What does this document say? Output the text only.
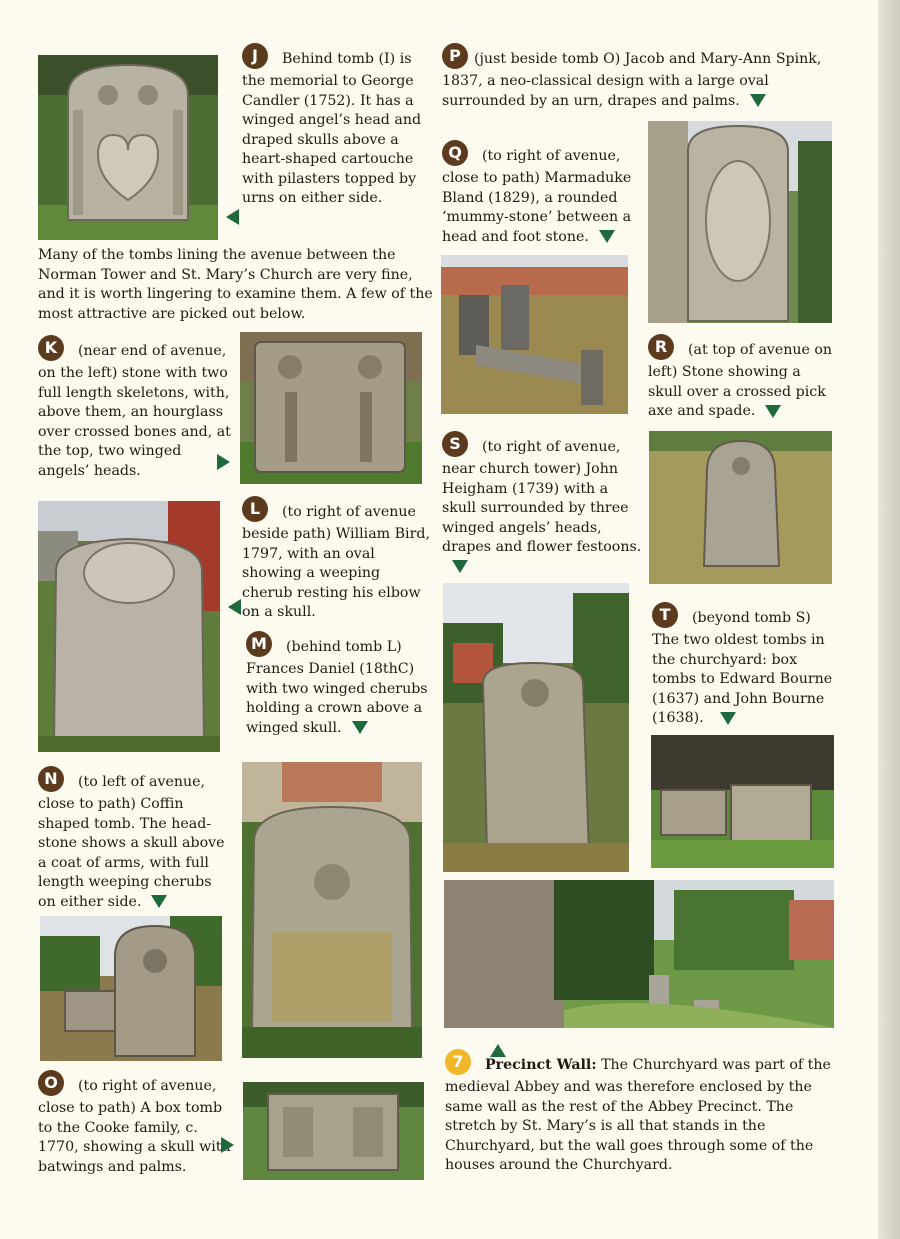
J Behind tomb (I) is the memorial to George Candler (1752). It has a winged angel’s head and draped skulls above a heart-shaped cartouche with pilasters topped by urns on either side.

Many of the tombs lining the avenue between the Norman Tower and St. Mary’s Church are very fine, and it is worth lingering to examine them. A few of the most attractive are picked out below.

K (near end of avenue, on the left) stone with two full length skeletons, with, above them, an hourglass over crossed bones and, at the top, two winged angels’ heads.

L (to right of avenue beside path) William Bird, 1797, with an oval showing a weeping cherub resting his elbow on a skull.

M (behind tomb L) Frances Daniel (18thC) with two winged cherubs holding a crown above a winged skull.

N (to left of avenue, close to path) Coffin shaped tomb. The head-stone shows a skull above a coat of arms, with full length weeping cherubs on either side.

O (to right of avenue, close to path) A box tomb to the Cooke family, c. 1770, showing a skull with batwings and palms.

P (just beside tomb O) Jacob and Mary-Ann Spink, 1837, a neo-classical design with a large oval surrounded by an urn, drapes and palms.

Q (to right of avenue, close to path) Marmaduke Bland (1829), a rounded ‘mummy-stone’ between a head and foot stone.

R (at top of avenue on left) Stone showing a skull over a crossed pick axe and spade.

S (to right of avenue, near church tower) John Heigham (1739) with a skull surrounded by three winged angels’ heads, drapes and flower festoons.

T (beyond tomb S) The two oldest tombs in the churchyard: box tombs to Edward Bourne (1637) and John Bourne (1638).

7 Precinct Wall: The Churchyard was part of the medieval Abbey and was therefore enclosed by the same wall as the rest of the Abbey Precinct. The stretch by St. Mary’s is all that stands in the Churchyard, but the wall goes through some of the houses around the Churchyard.
